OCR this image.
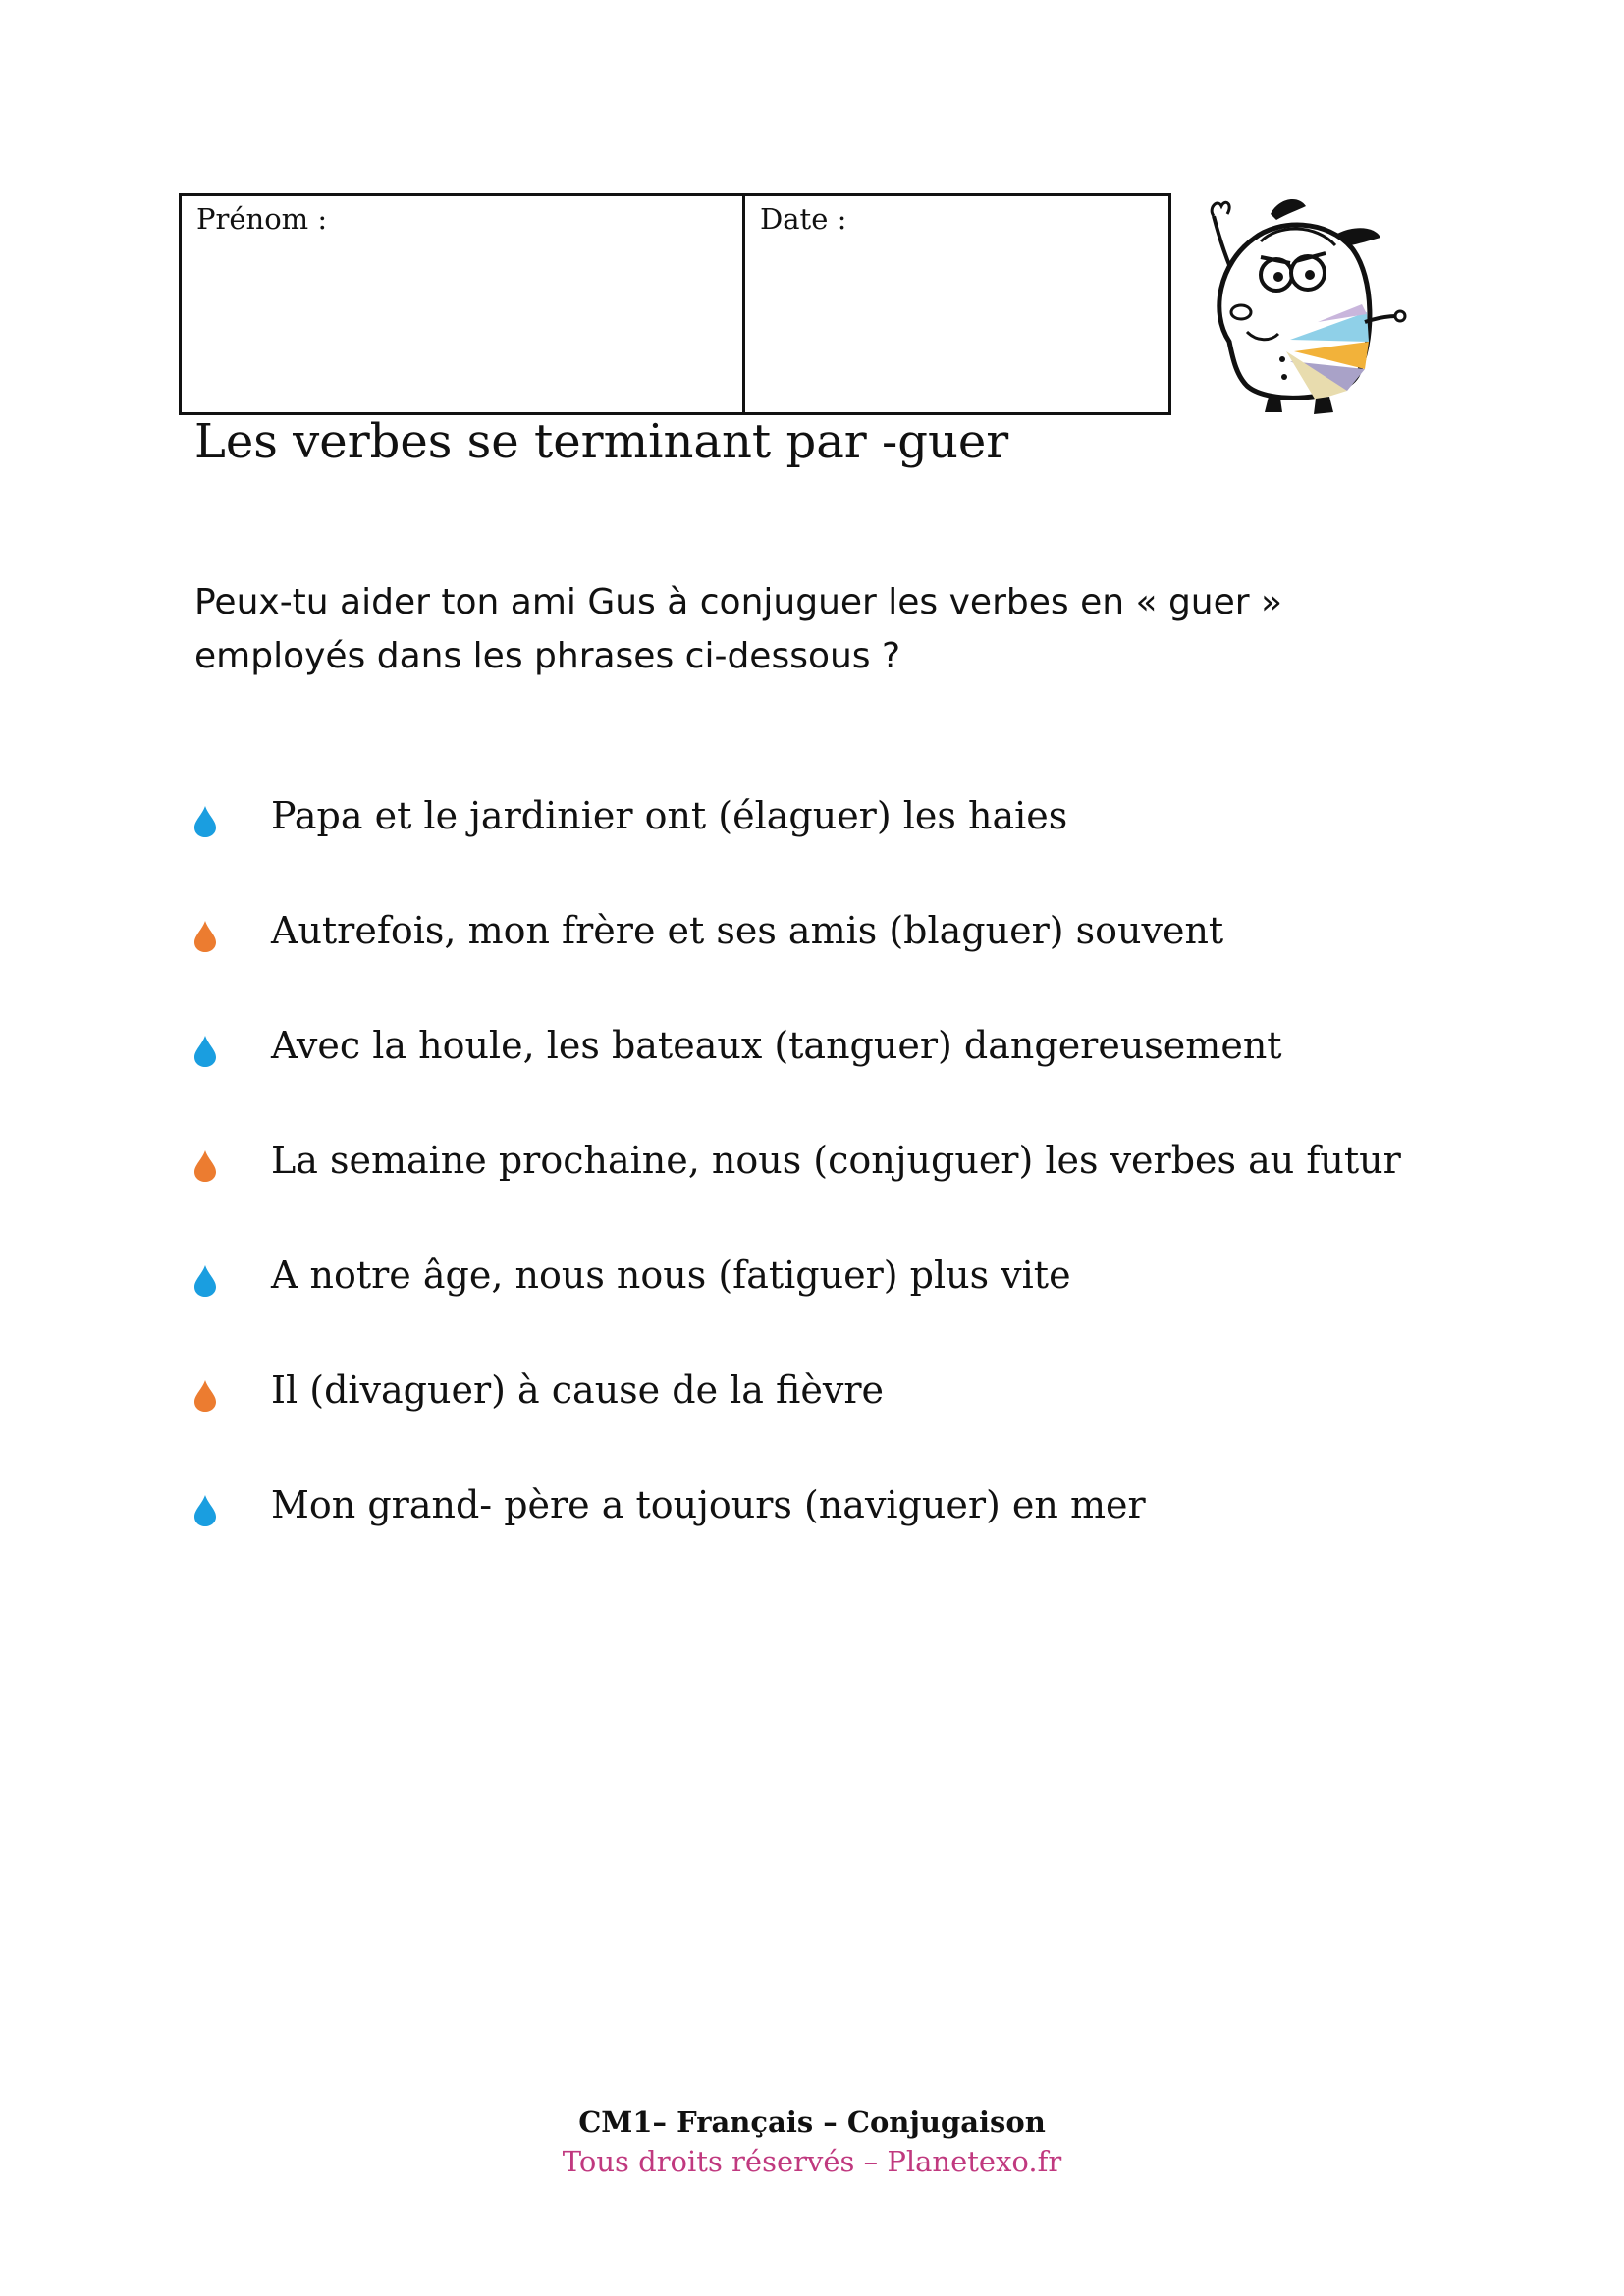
Prénom :	Date :
Les verbes se terminant par -guer

Peux-tu aider ton ami Gus à conjuguer les verbes en « guer »
employés dans les phrases ci-dessous ?

Papa et le jardinier ont (élaguer) les haies
Autrefois, mon frère et ses amis (blaguer) souvent
Avec la houle, les bateaux (tanguer) dangereusement
La semaine prochaine, nous (conjuguer) les verbes au futur
A notre âge, nous nous (fatiguer) plus vite
Il (divaguer) à cause de la fièvre
Mon grand- père a toujours (naviguer) en mer
CM1– Français – Conjugaison
Tous droits réservés – Planetexo.fr
